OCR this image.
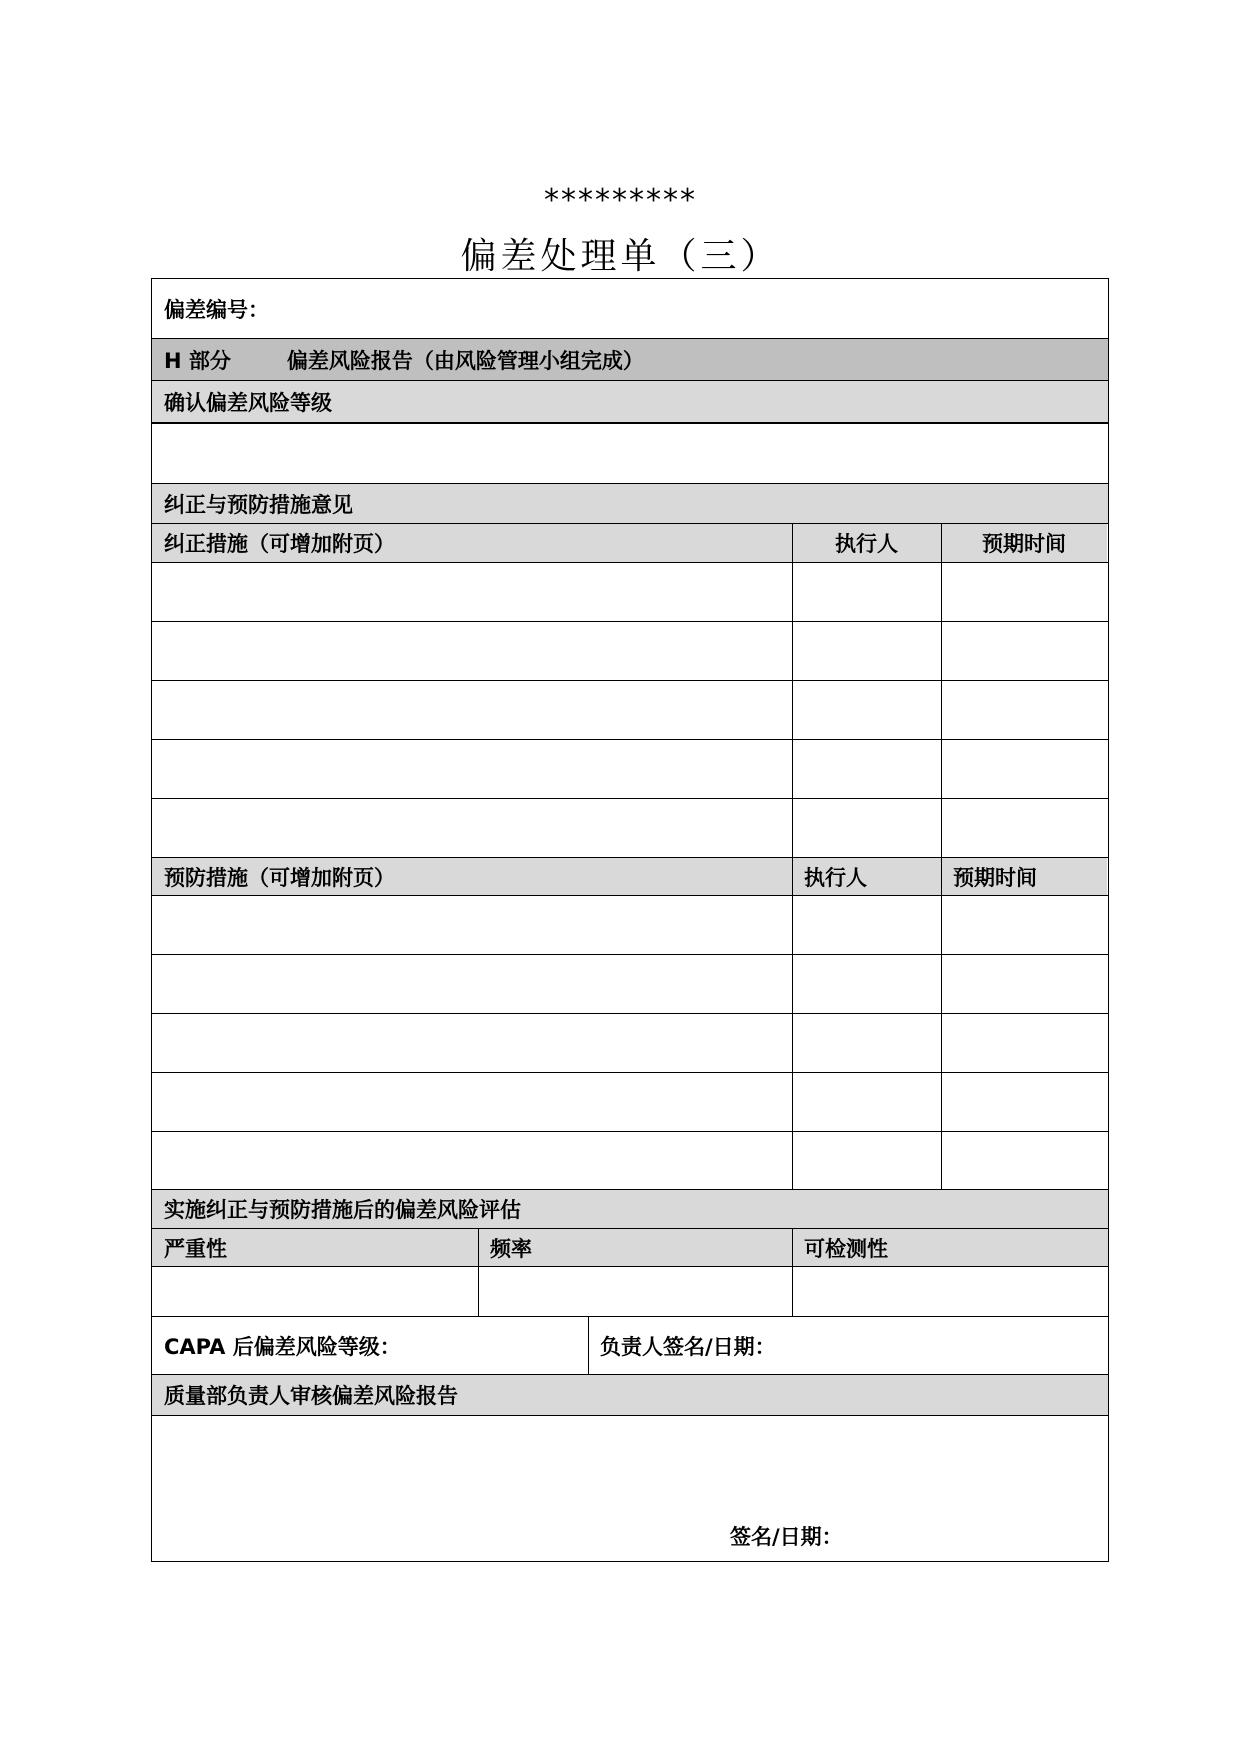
*********
偏差处理单（三）
偏差编号：
H 部分	偏差风险报告（由风险管理小组完成）
确认偏差风险等级
纠正与预防措施意见
纠正措施（可增加附页）	执行人	预期时间
预防措施（可增加附页）	执行人	预期时间
实施纠正与预防措施后的偏差风险评估
严重性	频率	可检测性
CAPA 后偏差风险等级：	负责人签名/日期：
质量部负责人审核偏差风险报告
签名/日期：
